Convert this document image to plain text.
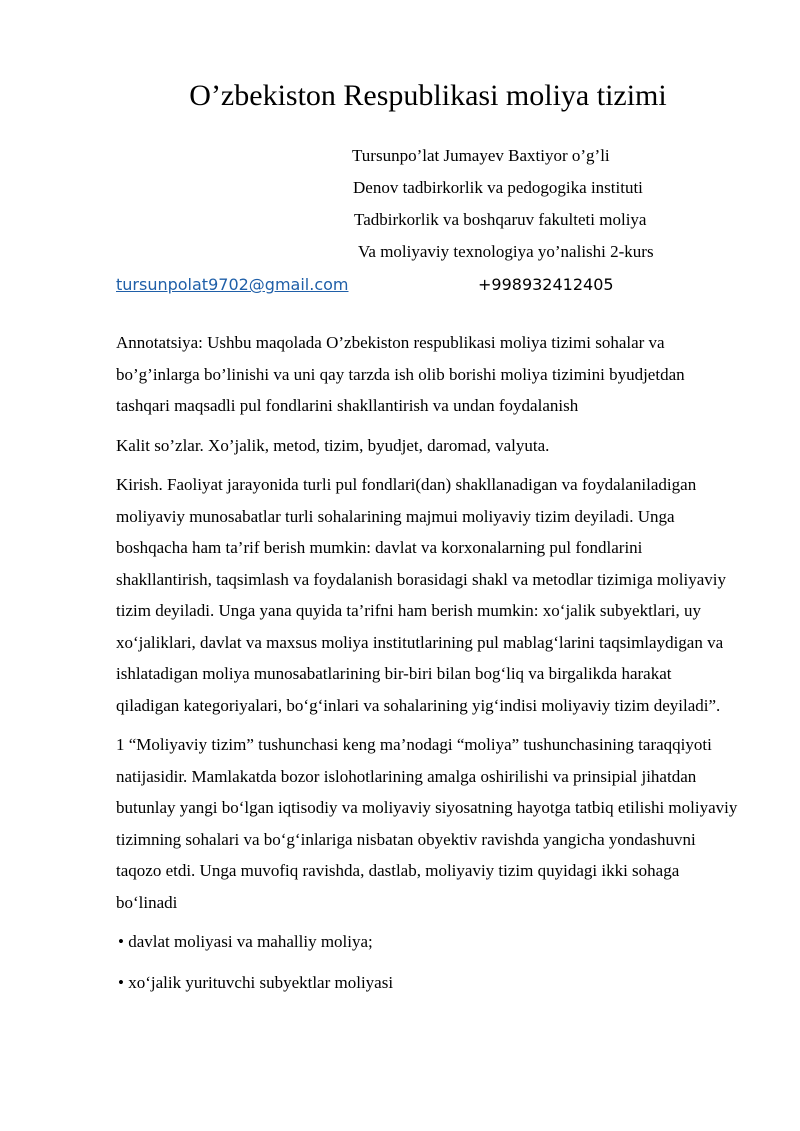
O’zbekiston Respublikasi moliya tizimi
Tursunpo’lat Jumayev Baxtiyor o’g’li
Denov tadbirkorlik va pedogogika instituti
Tadbirkorlik va boshqaruv fakulteti moliya
Va moliyaviy texnologiya yo’nalishi 2-kurs
tursunpolat9702@gmail.com	+998932412405

Annotatsiya: Ushbu maqolada O’zbekiston respublikasi moliya tizimi sohalar va bo’g’inlarga bo’linishi va uni qay tarzda ish olib borishi moliya tizimini byudjetdan tashqari maqsadli pul fondlarini shakllantirish va undan foydalanish

Kalit so’zlar. Xo’jalik, metod, tizim, byudjet, daromad, valyuta.

Kirish. Faoliyat jarayonida turli pul fondlari(dan) shakllanadigan va foydalaniladigan moliyaviy munosabatlar turli sohalarining majmui moliyaviy tizim deyiladi. Unga boshqacha ham ta’rif berish mumkin: davlat va korxonalarning pul fondlarini shakllantirish, taqsimlash va foydalanish borasidagi shakl va metodlar tizimiga moliyaviy tizim deyiladi. Unga yana quyida ta’rifni ham berish mumkin: xo‘jalik subyektlari, uy xo‘jaliklari, davlat va maxsus moliya institutlarining pul mablag‘larini taqsimlaydigan va ishlatadigan moliya munosabatlarining bir-biri bilan bog‘liq va birgalikda harakat qiladigan kategoriyalari, bo‘g‘inlari va sohalarining yig‘indisi moliyaviy tizim deyiladi”.

1 “Moliyaviy tizim” tushunchasi keng ma’nodagi “moliya” tushunchasining taraqqiyoti natijasidir. Mamlakatda bozor islohotlarining amalga oshirilishi va prinsipial jihatdan butunlay yangi bo‘lgan iqtisodiy va moliyaviy siyosatning hayotga tatbiq etilishi moliyaviy tizimning sohalari va bo‘g‘inlariga nisbatan obyektiv ravishda yangicha yondashuvni taqozo etdi. Unga muvofiq ravishda, dastlab, moliyaviy tizim quyidagi ikki sohaga bo‘linadi

• davlat moliyasi va mahalliy moliya;

• xo‘jalik yurituvchi subyektlar moliyasi
